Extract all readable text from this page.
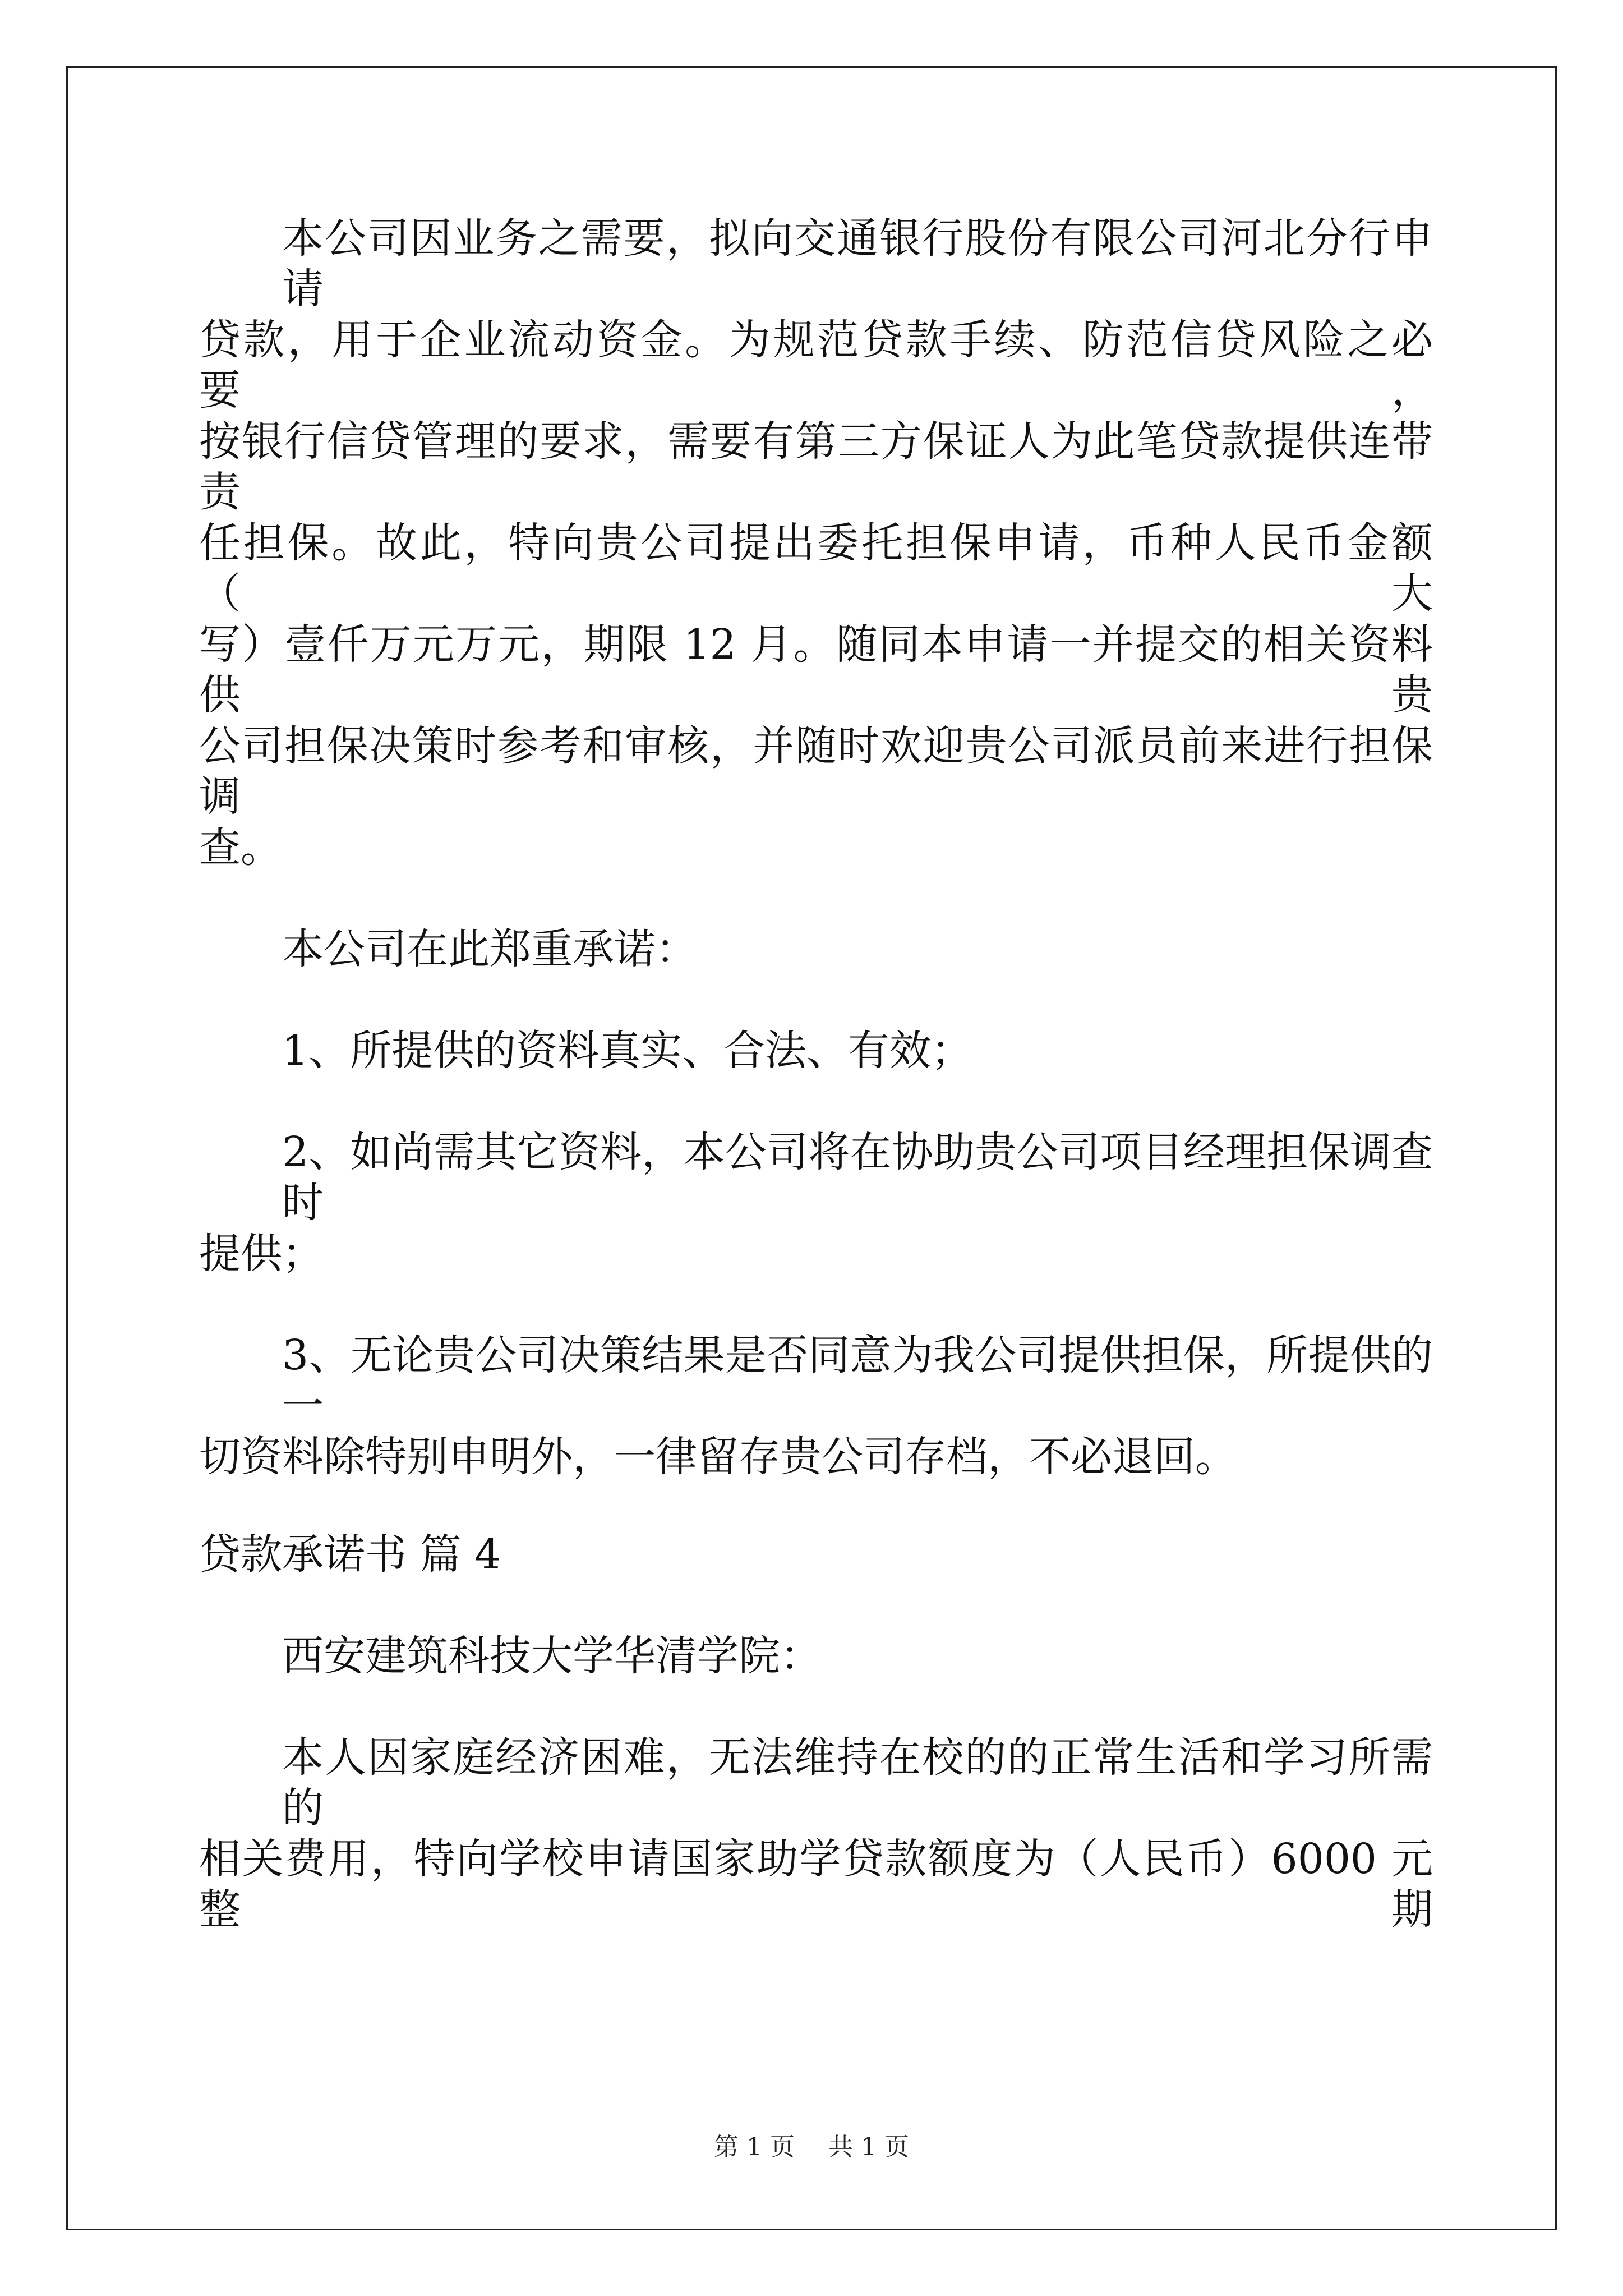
本公司因业务之需要，拟向交通银行股份有限公司河北分行申请
贷款，用于企业流动资金。为规范贷款手续、防范信贷风险之必要，
按银行信贷管理的要求，需要有第三方保证人为此笔贷款提供连带责
任担保。故此，特向贵公司提出委托担保申请，币种人民币金额（大
写）壹仟万元万元，期限 12 月。随同本申请一并提交的相关资料供贵
公司担保决策时参考和审核，并随时欢迎贵公司派员前来进行担保调
查。
本公司在此郑重承诺：
1、所提供的资料真实、合法、有效；
2、如尚需其它资料，本公司将在协助贵公司项目经理担保调查时
提供；
3、无论贵公司决策结果是否同意为我公司提供担保，所提供的一
切资料除特别申明外，一律留存贵公司存档，不必退回。
贷款承诺书 篇 4
西安建筑科技大学华清学院：
本人因家庭经济困难，无法维持在校的的正常生活和学习所需的
相关费用，特向学校申请国家助学贷款额度为（人民币）6000 元整期
第 1 页 共 1 页
